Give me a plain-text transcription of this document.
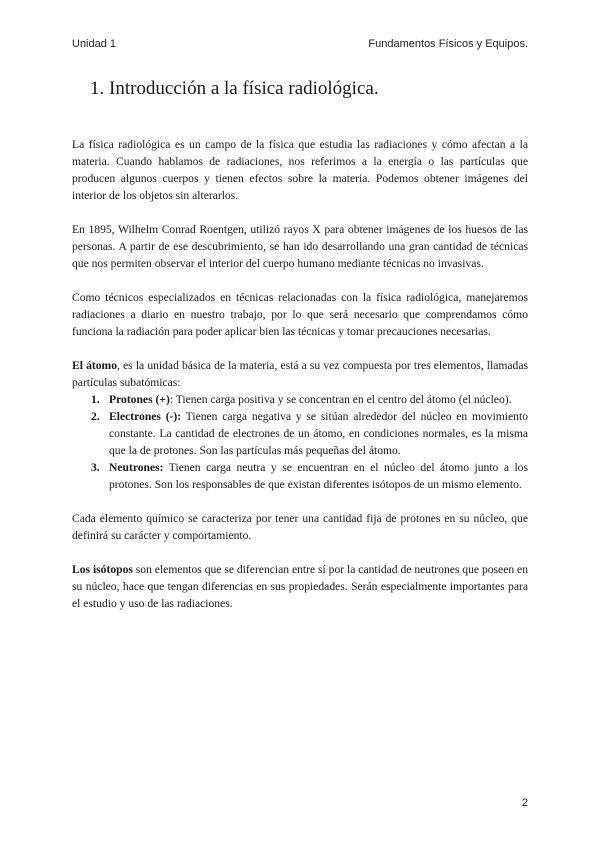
Unidad 1	Fundamentos Físicos y Equipos.
1. Introducción a la física radiológica.

La física radiológica es un campo de la física que estudia las radiaciones y cómo afectan a la materia. Cuando hablamos de radiaciones, nos referimos a la energía o las partículas que producen algunos cuerpos y tienen efectos sobre la materia. Podemos obtener imágenes del interior de los objetos sin alterarlos.

En 1895, Wilhelm Conrad Roentgen, utilizó rayos X para obtener imágenes de los huesos de las personas. A partir de ese descubrimiento, se han ido desarrollando una gran cantidad de técnicas que nos permiten observar el interior del cuerpo humano mediante técnicas no invasivas.

Como técnicos especializados en técnicas relacionadas con la física radiológica, manejaremos radiaciones a diario en nuestro trabajo, por lo que será necesario que comprendamos cómo funciona la radiación para poder aplicar bien las técnicas y tomar precauciones necesarias.

El átomo, es la unidad básica de la materia, está a su vez compuesta por tres elementos, llamadas partículas subatómicas:

1. Protones (+): Tienen carga positiva y se concentran en el centro del átomo (el núcleo).
2. Electrones (-): Tienen carga negativa y se sitúan alrededor del núcleo en movimiento constante. La cantidad de electrones de un átomo, en condiciones normales, es la misma que la de protones. Son las partículas más pequeñas del átomo.
3. Neutrones: Tienen carga neutra y se encuentran en el núcleo del átomo junto a los protones. Son los responsables de que existan diferentes isótopos de un mismo elemento.

Cada elemento químico se caracteriza por tener una cantidad fija de protones en su núcleo, que definirá su carácter y comportamiento.

Los isótopos son elementos que se diferencian entre sí por la cantidad de neutrones que poseen en su núcleo, hace que tengan diferencias en sus propiedades. Serán especialmente importantes para el estudio y uso de las radiaciones.

2
